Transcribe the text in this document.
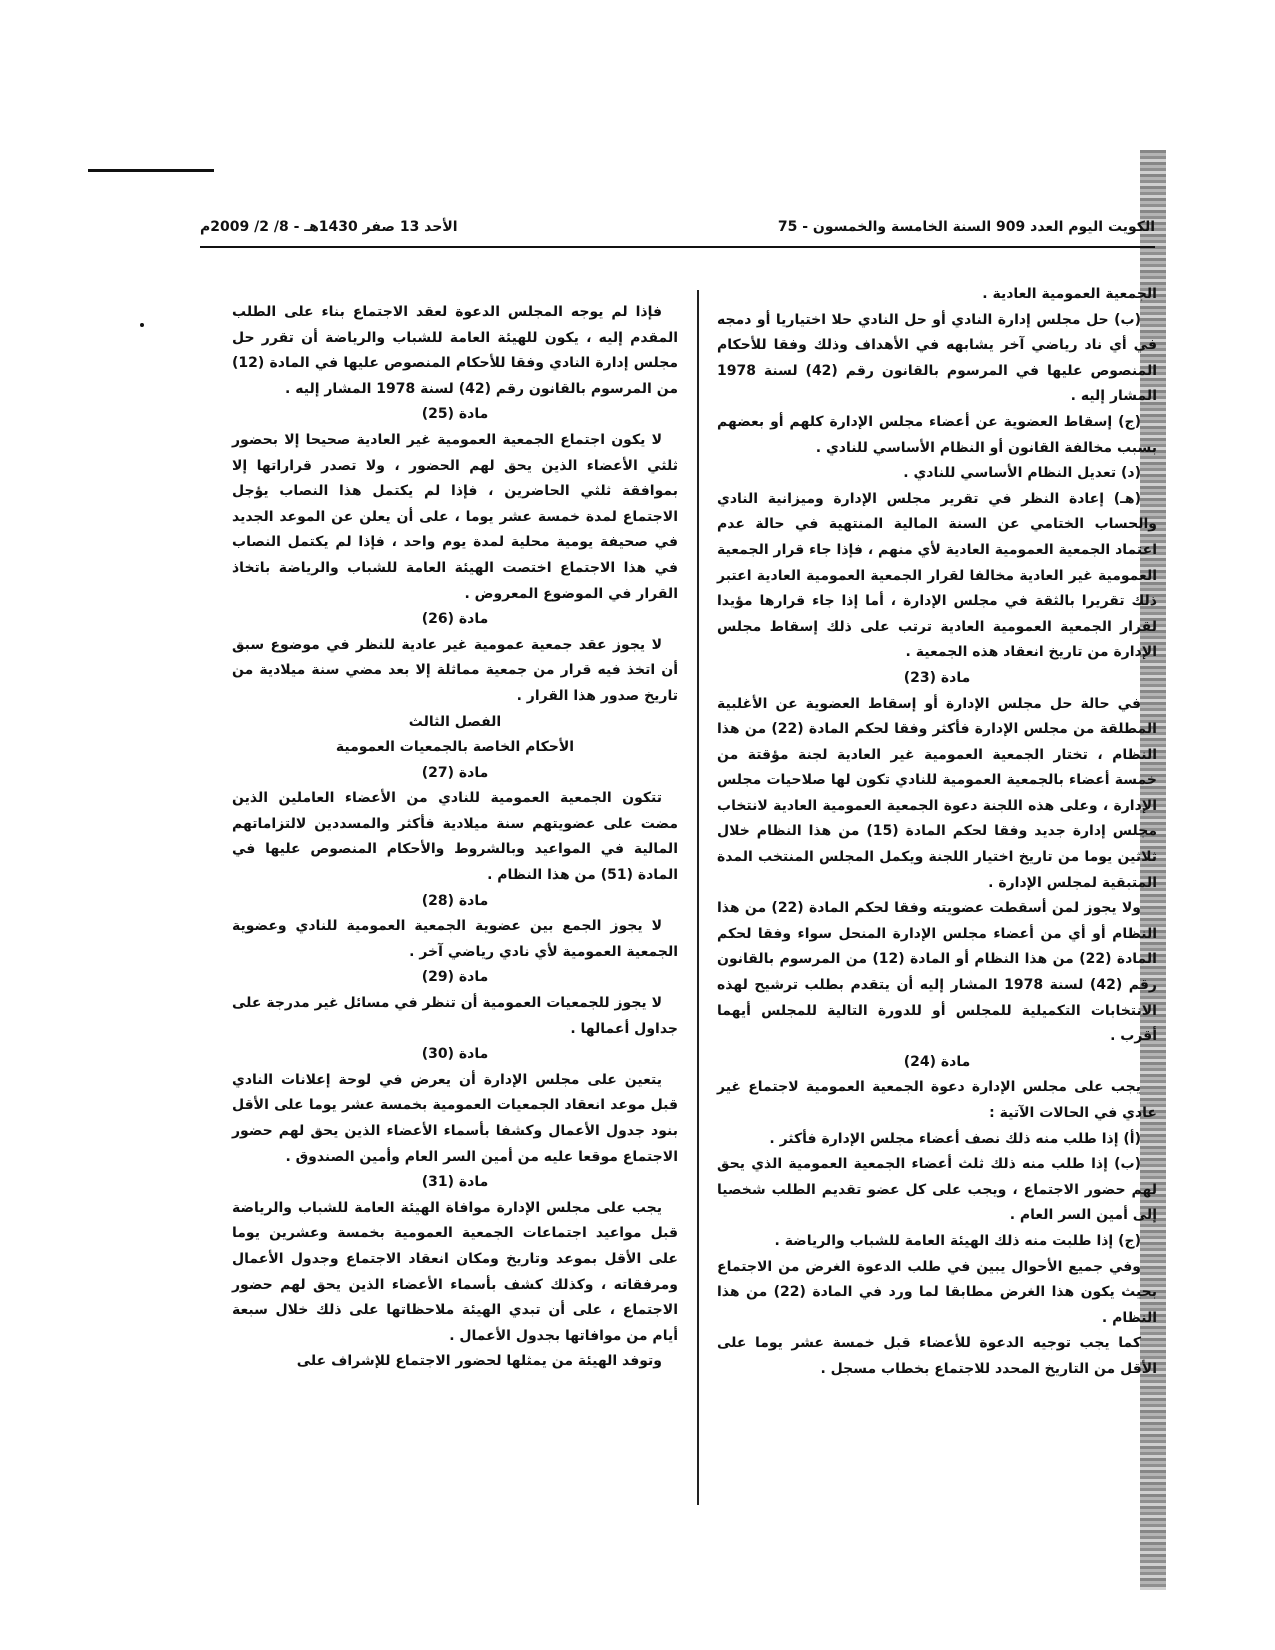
الكويت اليوم العدد 909 السنة الخامسة والخمسون - 75
الأحد 13 صفر 1430هـ - 8/ 2/ 2009م

الجمعية العمومية العادية .

(ب) حل مجلس إدارة النادي أو حل النادي حلا اختياريا أو دمجه في أي ناد رياضي آخر يشابهه في الأهداف وذلك وفقا للأحكام المنصوص عليها في المرسوم بالقانون رقم (42) لسنة 1978 المشار إليه .

(ج) إسقاط العضوية عن أعضاء مجلس الإدارة كلهم أو بعضهم بسبب مخالفة القانون أو النظام الأساسي للنادي .

(د) تعديل النظام الأساسي للنادي .

(هـ) إعادة النظر في تقرير مجلس الإدارة وميزانية النادي والحساب الختامي عن السنة المالية المنتهية في حالة عدم اعتماد الجمعية العمومية العادية لأي منهم ، فإذا جاء قرار الجمعية العمومية غير العادية مخالفا لقرار الجمعية العمومية العادية اعتبر ذلك تقريرا بالثقة في مجلس الإدارة ، أما إذا جاء قرارها مؤيدا لقرار الجمعية العمومية العادية ترتب على ذلك إسقاط مجلس الإدارة من تاريخ انعقاد هذه الجمعية .

مادة (23)

في حالة حل مجلس الإدارة أو إسقاط العضوية عن الأغلبية المطلقة من مجلس الإدارة فأكثر وفقا لحكم المادة (22) من هذا النظام ، تختار الجمعية العمومية غير العادية لجنة مؤقتة من خمسة أعضاء بالجمعية العمومية للنادي تكون لها صلاحيات مجلس الإدارة ، وعلى هذه اللجنة دعوة الجمعية العمومية العادية لانتخاب مجلس إدارة جديد وفقا لحكم المادة (15) من هذا النظام خلال ثلاثين يوما من تاريخ اختيار اللجنة ويكمل المجلس المنتخب المدة المتبقية لمجلس الإدارة .

ولا يجوز لمن أسقطت عضويته وفقا لحكم المادة (22) من هذا النظام أو أي من أعضاء مجلس الإدارة المنحل سواء وفقا لحكم المادة (22) من هذا النظام أو المادة (12) من المرسوم بالقانون رقم (42) لسنة 1978 المشار إليه أن يتقدم بطلب ترشيح لهذه الانتخابات التكميلية للمجلس أو للدورة التالية للمجلس أيهما أقرب .

مادة (24)

يجب على مجلس الإدارة دعوة الجمعية العمومية لاجتماع غير عادي في الحالات الآتية :

(أ) إذا طلب منه ذلك نصف أعضاء مجلس الإدارة فأكثر .

(ب) إذا طلب منه ذلك ثلث أعضاء الجمعية العمومية الذي يحق لهم حضور الاجتماع ، ويجب على كل عضو تقديم الطلب شخصيا إلى أمين السر العام .

(ج) إذا طلبت منه ذلك الهيئة العامة للشباب والرياضة .

وفي جميع الأحوال يبين في طلب الدعوة الغرض من الاجتماع بحيث يكون هذا الغرض مطابقا لما ورد في المادة (22) من هذا النظام .

كما يجب توجيه الدعوة للأعضاء قبل خمسة عشر يوما على الأقل من التاريخ المحدد للاجتماع بخطاب مسجل .

فإذا لم يوجه المجلس الدعوة لعقد الاجتماع بناء على الطلب المقدم إليه ، يكون للهيئة العامة للشباب والرياضة أن تقرر حل مجلس إدارة النادي وفقا للأحكام المنصوص عليها في المادة (12) من المرسوم بالقانون رقم (42) لسنة 1978 المشار إليه .

مادة (25)

لا يكون اجتماع الجمعية العمومية غير العادية صحيحا إلا بحضور ثلثي الأعضاء الذين يحق لهم الحضور ، ولا تصدر قراراتها إلا بموافقة ثلثي الحاضرين ، فإذا لم يكتمل هذا النصاب يؤجل الاجتماع لمدة خمسة عشر يوما ، على أن يعلن عن الموعد الجديد في صحيفة يومية محلية لمدة يوم واحد ، فإذا لم يكتمل النصاب في هذا الاجتماع اختصت الهيئة العامة للشباب والرياضة باتخاذ القرار في الموضوع المعروض .

مادة (26)

لا يجوز عقد جمعية عمومية غير عادية للنظر في موضوع سبق أن اتخذ فيه قرار من جمعية مماثلة إلا بعد مضي سنة ميلادية من تاريخ صدور هذا القرار .

الفصل الثالث

الأحكام الخاصة بالجمعيات العمومية

مادة (27)

تتكون الجمعية العمومية للنادي من الأعضاء العاملين الذين مضت على عضويتهم سنة ميلادية فأكثر والمسددين لالتزاماتهم المالية في المواعيد وبالشروط والأحكام المنصوص عليها في المادة (51) من هذا النظام .

مادة (28)

لا يجوز الجمع بين عضوية الجمعية العمومية للنادي وعضوية الجمعية العمومية لأي نادي رياضي آخر .

مادة (29)

لا يجوز للجمعيات العمومية أن تنظر في مسائل غير مدرجة على جداول أعمالها .

مادة (30)

يتعين على مجلس الإدارة أن يعرض في لوحة إعلانات النادي قبل موعد انعقاد الجمعيات العمومية بخمسة عشر يوما على الأقل بنود جدول الأعمال وكشفا بأسماء الأعضاء الذين يحق لهم حضور الاجتماع موقعا عليه من أمين السر العام وأمين الصندوق .

مادة (31)

يجب على مجلس الإدارة موافاة الهيئة العامة للشباب والرياضة قبل مواعيد اجتماعات الجمعية العمومية بخمسة وعشرين يوما على الأقل بموعد وتاريخ ومكان انعقاد الاجتماع وجدول الأعمال ومرفقاته ، وكذلك كشف بأسماء الأعضاء الذين يحق لهم حضور الاجتماع ، على أن تبدي الهيئة ملاحظاتها على ذلك خلال سبعة أيام من موافاتها بجدول الأعمال .

وتوفد الهيئة من يمثلها لحضور الاجتماع للإشراف على
